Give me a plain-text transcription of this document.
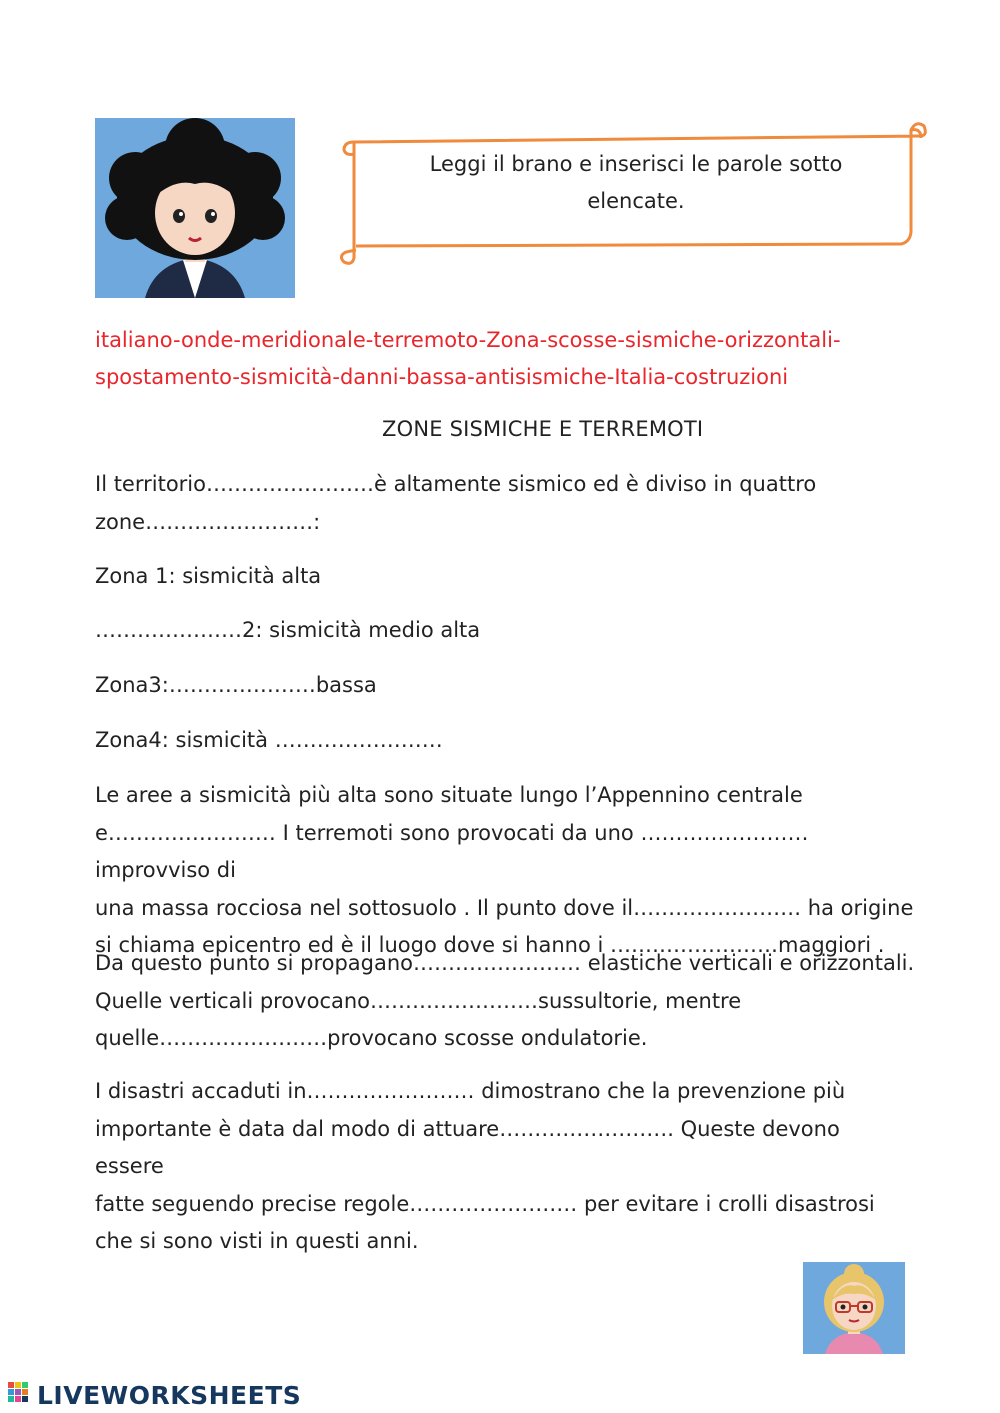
Leggi il brano e inserisci le parole sotto
elencate.
italiano-onde-meridionale-terremoto-Zona-scosse-sismiche-orizzontali-
spostamento-sismicità-danni-bassa-antisismiche-Italia-costruzioni
ZONE SISMICHE E TERREMOTI
Il territorio……………………è altamente sismico ed è diviso in quattro
zone……………………:
Zona 1: sismicità alta
…………………2: sismicità medio alta
Zona3:…………………bassa
Zona4: sismicità ……………………
Le aree a sismicità più alta sono situate lungo l’Appennino centrale
e…………………… I terremoti sono provocati da uno ……………………improvviso di
una massa rocciosa nel sottosuolo . Il punto dove il…………………… ha origine
si chiama epicentro ed è il luogo dove si hanno i ……………………maggiori .
Da questo punto si propagano…………………… elastiche verticali e orizzontali.
Quelle verticali provocano……………………sussultorie, mentre
quelle……………………provocano scosse ondulatorie.
I disastri accaduti in…………………… dimostrano che la prevenzione più
importante è data dal modo di attuare……………………. Queste devono essere
fatte seguendo precise regole…………………… per evitare i crolli disastrosi
che si sono visti in questi anni.
LIVEWORKSHEETS
